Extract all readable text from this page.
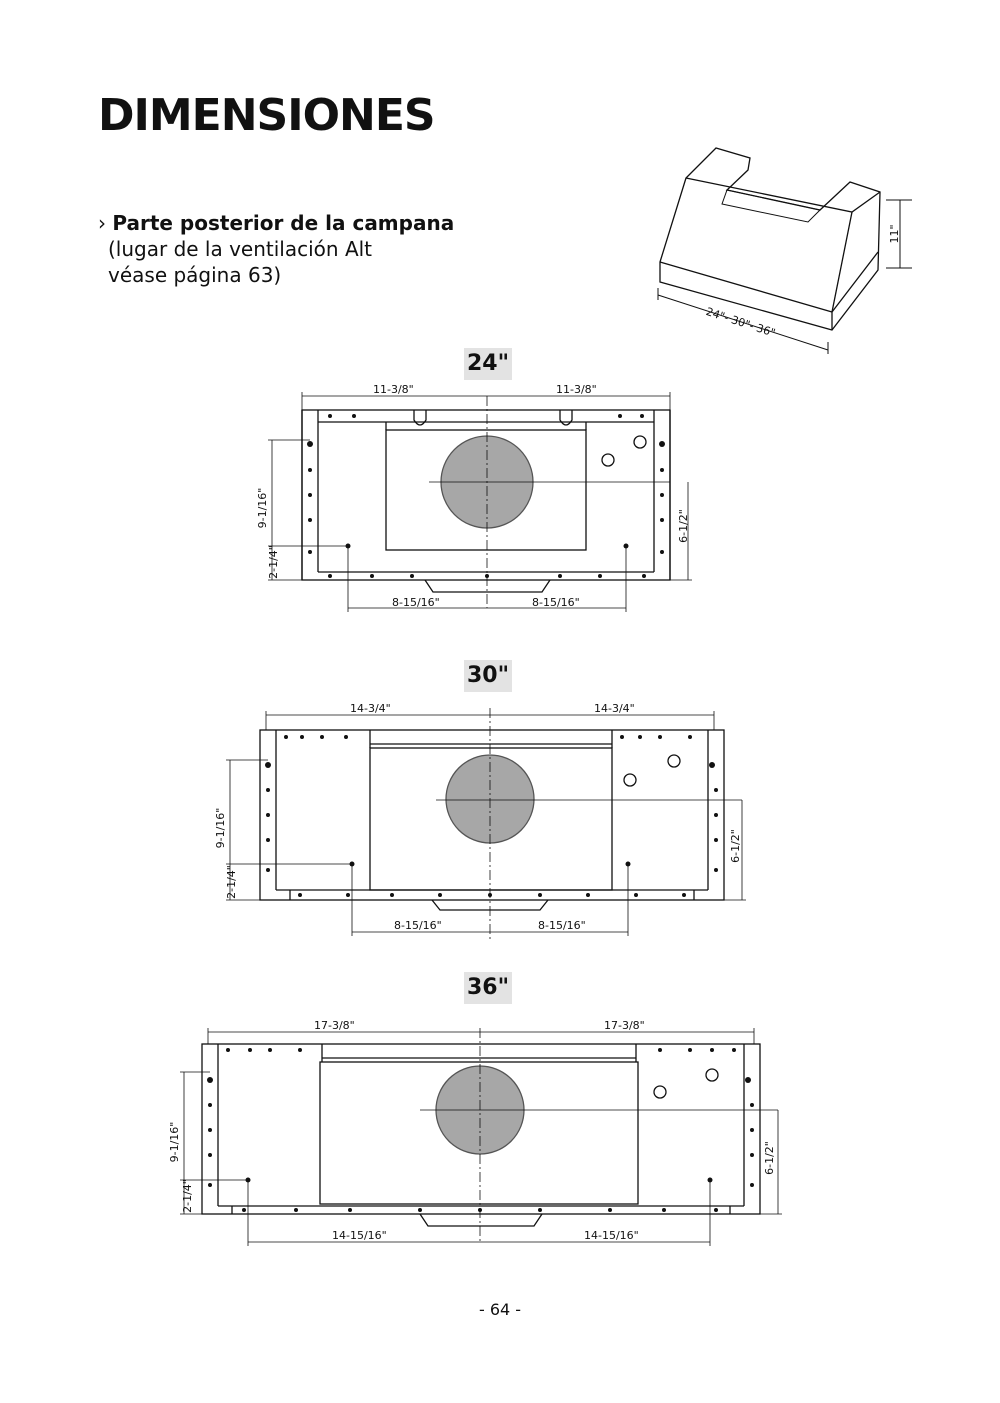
DIMENSIONES
› Parte posterior de la campana
(lugar de la ventilación Alt
véase página 63)
11"
24"- 30"- 36"
24"
11-3/8"	11-3/8"
8-15/16"	8-15/16"
9-1/16"
2-1/4"
6-1/2"
30"
14-3/4"	14-3/4"
8-15/16"	8-15/16"
9-1/16"
2-1/4"
6-1/2"
36"
17-3/8"	17-3/8"
14-15/16"	14-15/16"
9-1/16"
2-1/4"
6-1/2"
- 64 -
